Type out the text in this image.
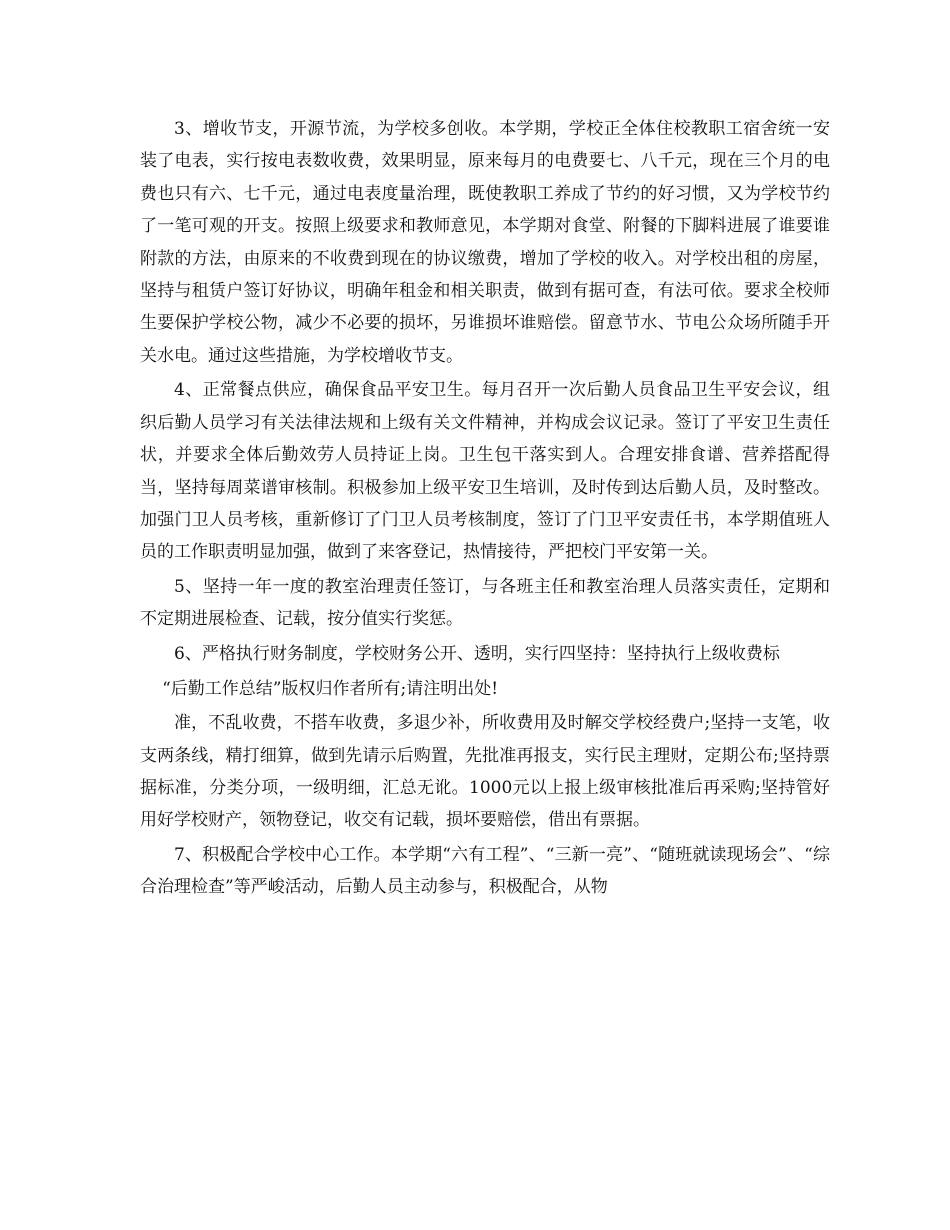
3、增收节支，开源节流，为学校多创收。本学期，学校正全体住校教职工宿舍统一安装了电表，实行按电表数收费，效果明显，原来每月的电费要七、八千元，现在三个月的电费也只有六、七千元，通过电表度量治理，既使教职工养成了节约的好习惯，又为学校节约了一笔可观的开支。按照上级要求和教师意见，本学期对食堂、附餐的下脚料进展了谁要谁附款的方法，由原来的不收费到现在的协议缴费，增加了学校的收入。对学校出租的房屋，坚持与租赁户签订好协议，明确年租金和相关职责，做到有据可查，有法可依。要求全校师生要保护学校公物，减少不必要的损坏，另谁损坏谁赔偿。留意节水、节电公众场所随手开关水电。通过这些措施，为学校增收节支。

4、正常餐点供应，确保食品平安卫生。每月召开一次后勤人员食品卫生平安会议，组织后勤人员学习有关法律法规和上级有关文件精神，并构成会议记录。签订了平安卫生责任状，并要求全体后勤效劳人员持证上岗。卫生包干落实到人。合理安排食谱、营养搭配得当，坚持每周菜谱审核制。积极参加上级平安卫生培训，及时传到达后勤人员，及时整改。加强门卫人员考核，重新修订了门卫人员考核制度，签订了门卫平安责任书，本学期值班人员的工作职责明显加强，做到了来客登记，热情接待，严把校门平安第一关。

5、坚持一年一度的教室治理责任签订，与各班主任和教室治理人员落实责任，定期和不定期进展检查、记载，按分值实行奖惩。

6、严格执行财务制度，学校财务公开、透明，实行四坚持：坚持执行上级收费标

“后勤工作总结”版权归作者所有;请注明出处!

准，不乱收费，不搭车收费，多退少补，所收费用及时解交学校经费户;坚持一支笔，收支两条线，精打细算，做到先请示后购置，先批准再报支，实行民主理财，定期公布;坚持票据标准，分类分项，一级明细，汇总无讹。1000元以上报上级审核批准后再采购;坚持管好用好学校财产，领物登记，收交有记载，损坏要赔偿，借出有票据。

7、积极配合学校中心工作。本学期“六有工程”、“三新一亮”、“随班就读现场会”、“综合治理检查”等严峻活动，后勤人员主动参与，积极配合，从物
